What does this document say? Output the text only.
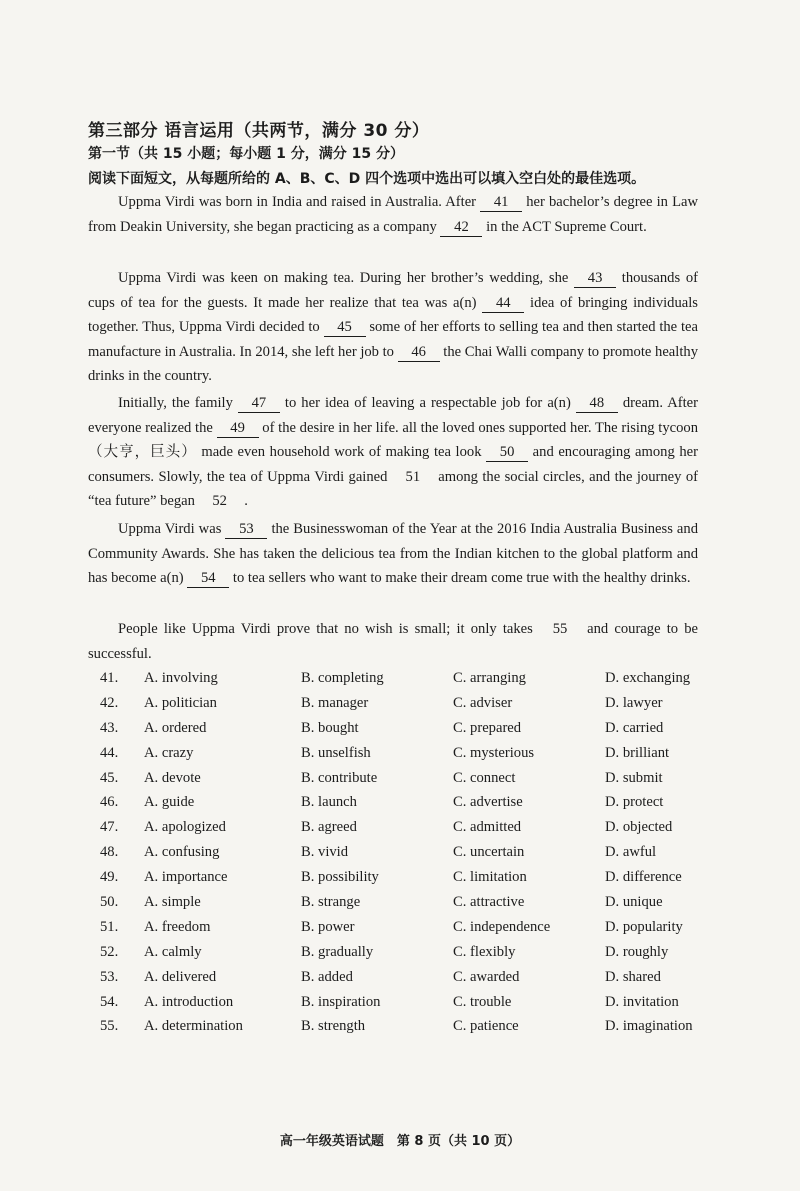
第三部分 语言运用（共两节，满分 30 分）
第一节（共 15 小题；每小题 1 分，满分 15 分）
阅读下面短文，从每题所给的 A、B、C、D 四个选项中选出可以填入空白处的最佳选项。

Uppma Virdi was born in India and raised in Australia. After 41 her bachelor’s degree in Law from Deakin University, she began practicing as a company 42 in the ACT Supreme Court.

Uppma Virdi was keen on making tea. During her brother’s wedding, she 43 thousands of cups of tea for the guests. It made her realize that tea was a(n) 44 idea of bringing individuals together. Thus, Uppma Virdi decided to 45 some of her efforts to selling tea and then started the tea manufacture in Australia. In 2014, she left her job to 46 the Chai Walli company to promote healthy drinks in the country.

Initially, the family 47 to her idea of leaving a respectable job for a(n) 48 dream. After everyone realized the 49 of the desire in her life. all the loved ones supported her. The rising tycoon（大亨，巨头） made even household work of making tea look 50 and encouraging among her consumers. Slowly, the tea of Uppma Virdi gained 51 among the social circles, and the journey of “tea future” began 52 .

Uppma Virdi was 53 the Businesswoman of the Year at the 2016 India Australia Business and Community Awards. She has taken the delicious tea from the Indian kitchen to the global platform and has become a(n) 54 to tea sellers who want to make their dream come true with the healthy drinks.

People like Uppma Virdi prove that no wish is small; it only takes 55 and courage to be successful.

41.	A. involving	B. completing	C. arranging	D. exchanging
42.	A. politician	B. manager	C. adviser	D. lawyer
43.	A. ordered	B. bought	C. prepared	D. carried
44.	A. crazy	B. unselfish	C. mysterious	D. brilliant
45.	A. devote	B. contribute	C. connect	D. submit
46.	A. guide	B. launch	C. advertise	D. protect
47.	A. apologized	B. agreed	C. admitted	D. objected
48.	A. confusing	B. vivid	C. uncertain	D. awful
49.	A. importance	B. possibility	C. limitation	D. difference
50.	A. simple	B. strange	C. attractive	D. unique
51.	A. freedom	B. power	C. independence	D. popularity
52.	A. calmly	B. gradually	C. flexibly	D. roughly
53.	A. delivered	B. added	C. awarded	D. shared
54.	A. introduction	B. inspiration	C. trouble	D. invitation
55.	A. determination	B. strength	C. patience	D. imagination
高一年级英语试题　第 8 页（共 10 页）
